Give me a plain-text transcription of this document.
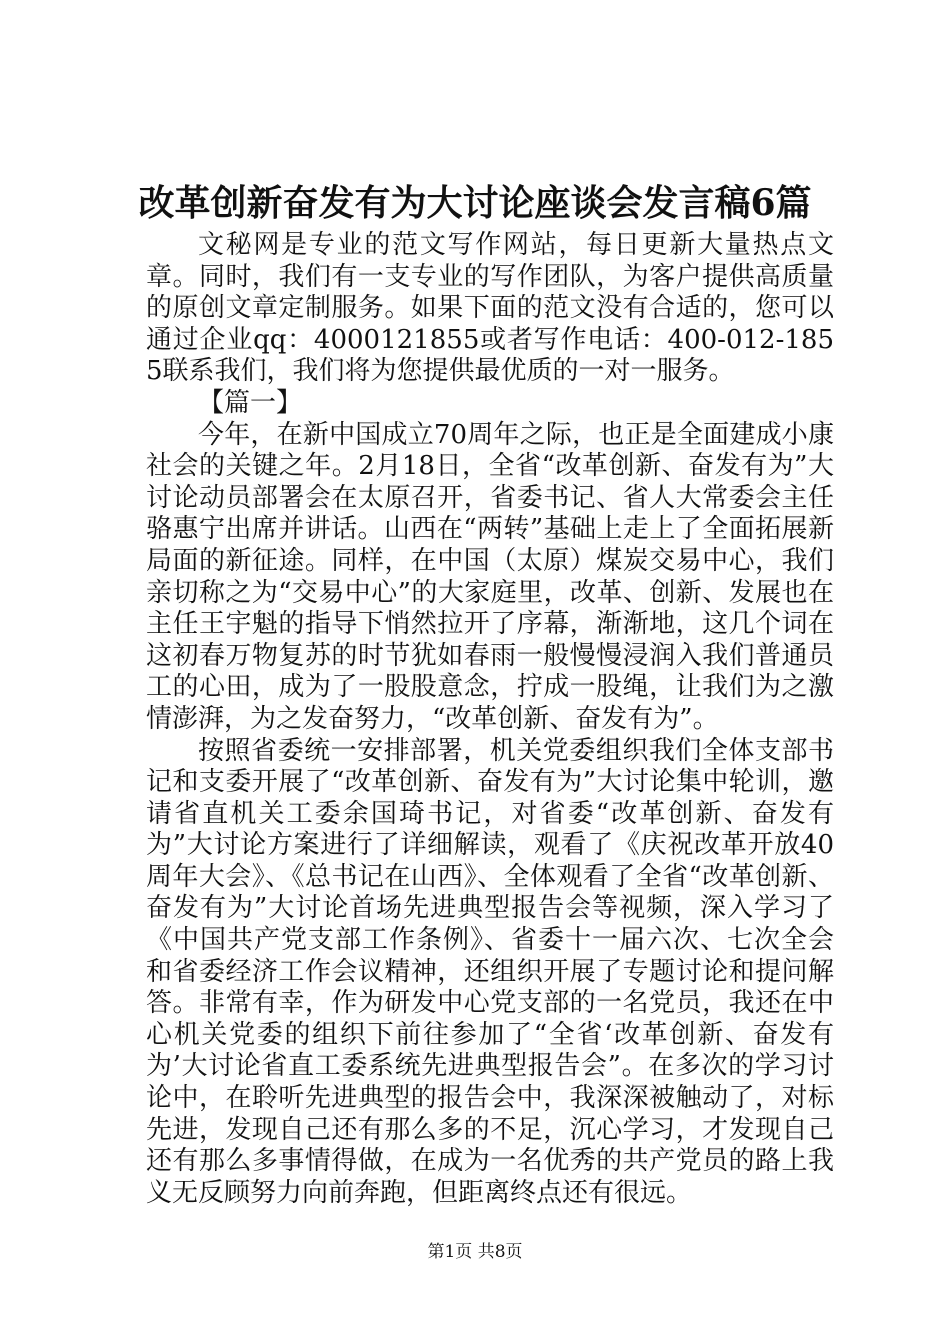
改革创新奋发有为大讨论座谈会发言稿6篇

文秘网是专业的范文写作网站，每日更新大量热点文章。同时，我们有一支专业的写作团队，为客户提供高质量的原创文章定制服务。如果下面的范文没有合适的，您可以通过企业qq：4000121855或者写作电话：400-012-1855联系我们，我们将为您提供最优质的一对一服务。

【篇一】

今年，在新中国成立70周年之际，也正是全面建成小康社会的关键之年。2月18日，全省“改革创新、奋发有为”大讨论动员部署会在太原召开，省委书记、省人大常委会主任骆惠宁出席并讲话。山西在“两转”基础上走上了全面拓展新局面的新征途。同样，在中国（太原）煤炭交易中心，我们亲切称之为“交易中心”的大家庭里，改革、创新、发展也在主任王宇魁的指导下悄然拉开了序幕，渐渐地，这几个词在这初春万物复苏的时节犹如春雨一般慢慢浸润入我们普通员工的心田，成为了一股股意念，拧成一股绳，让我们为之激情澎湃，为之发奋努力，“改革创新、奋发有为”。

按照省委统一安排部署，机关党委组织我们全体支部书记和支委开展了“改革创新、奋发有为”大讨论集中轮训，邀请省直机关工委余国琦书记，对省委“改革创新、奋发有为”大讨论方案进行了详细解读，观看了《庆祝改革开放40周年大会》、《总书记在山西》、全体观看了全省“改革创新、奋发有为”大讨论首场先进典型报告会等视频，深入学习了《中国共产党支部工作条例》、省委十一届六次、七次全会和省委经济工作会议精神，还组织开展了专题讨论和提问解答。非常有幸，作为研发中心党支部的一名党员，我还在中心机关党委的组织下前往参加了“全省‘改革创新、奋发有为’大讨论省直工委系统先进典型报告会”。在多次的学习讨论中，在聆听先进典型的报告会中，我深深被触动了，对标先进，发现自己还有那么多的不足，沉心学习，才发现自己还有那么多事情得做，在成为一名优秀的共产党员的路上我义无反顾努力向前奔跑，但距离终点还有很远。

第1页 共8页
